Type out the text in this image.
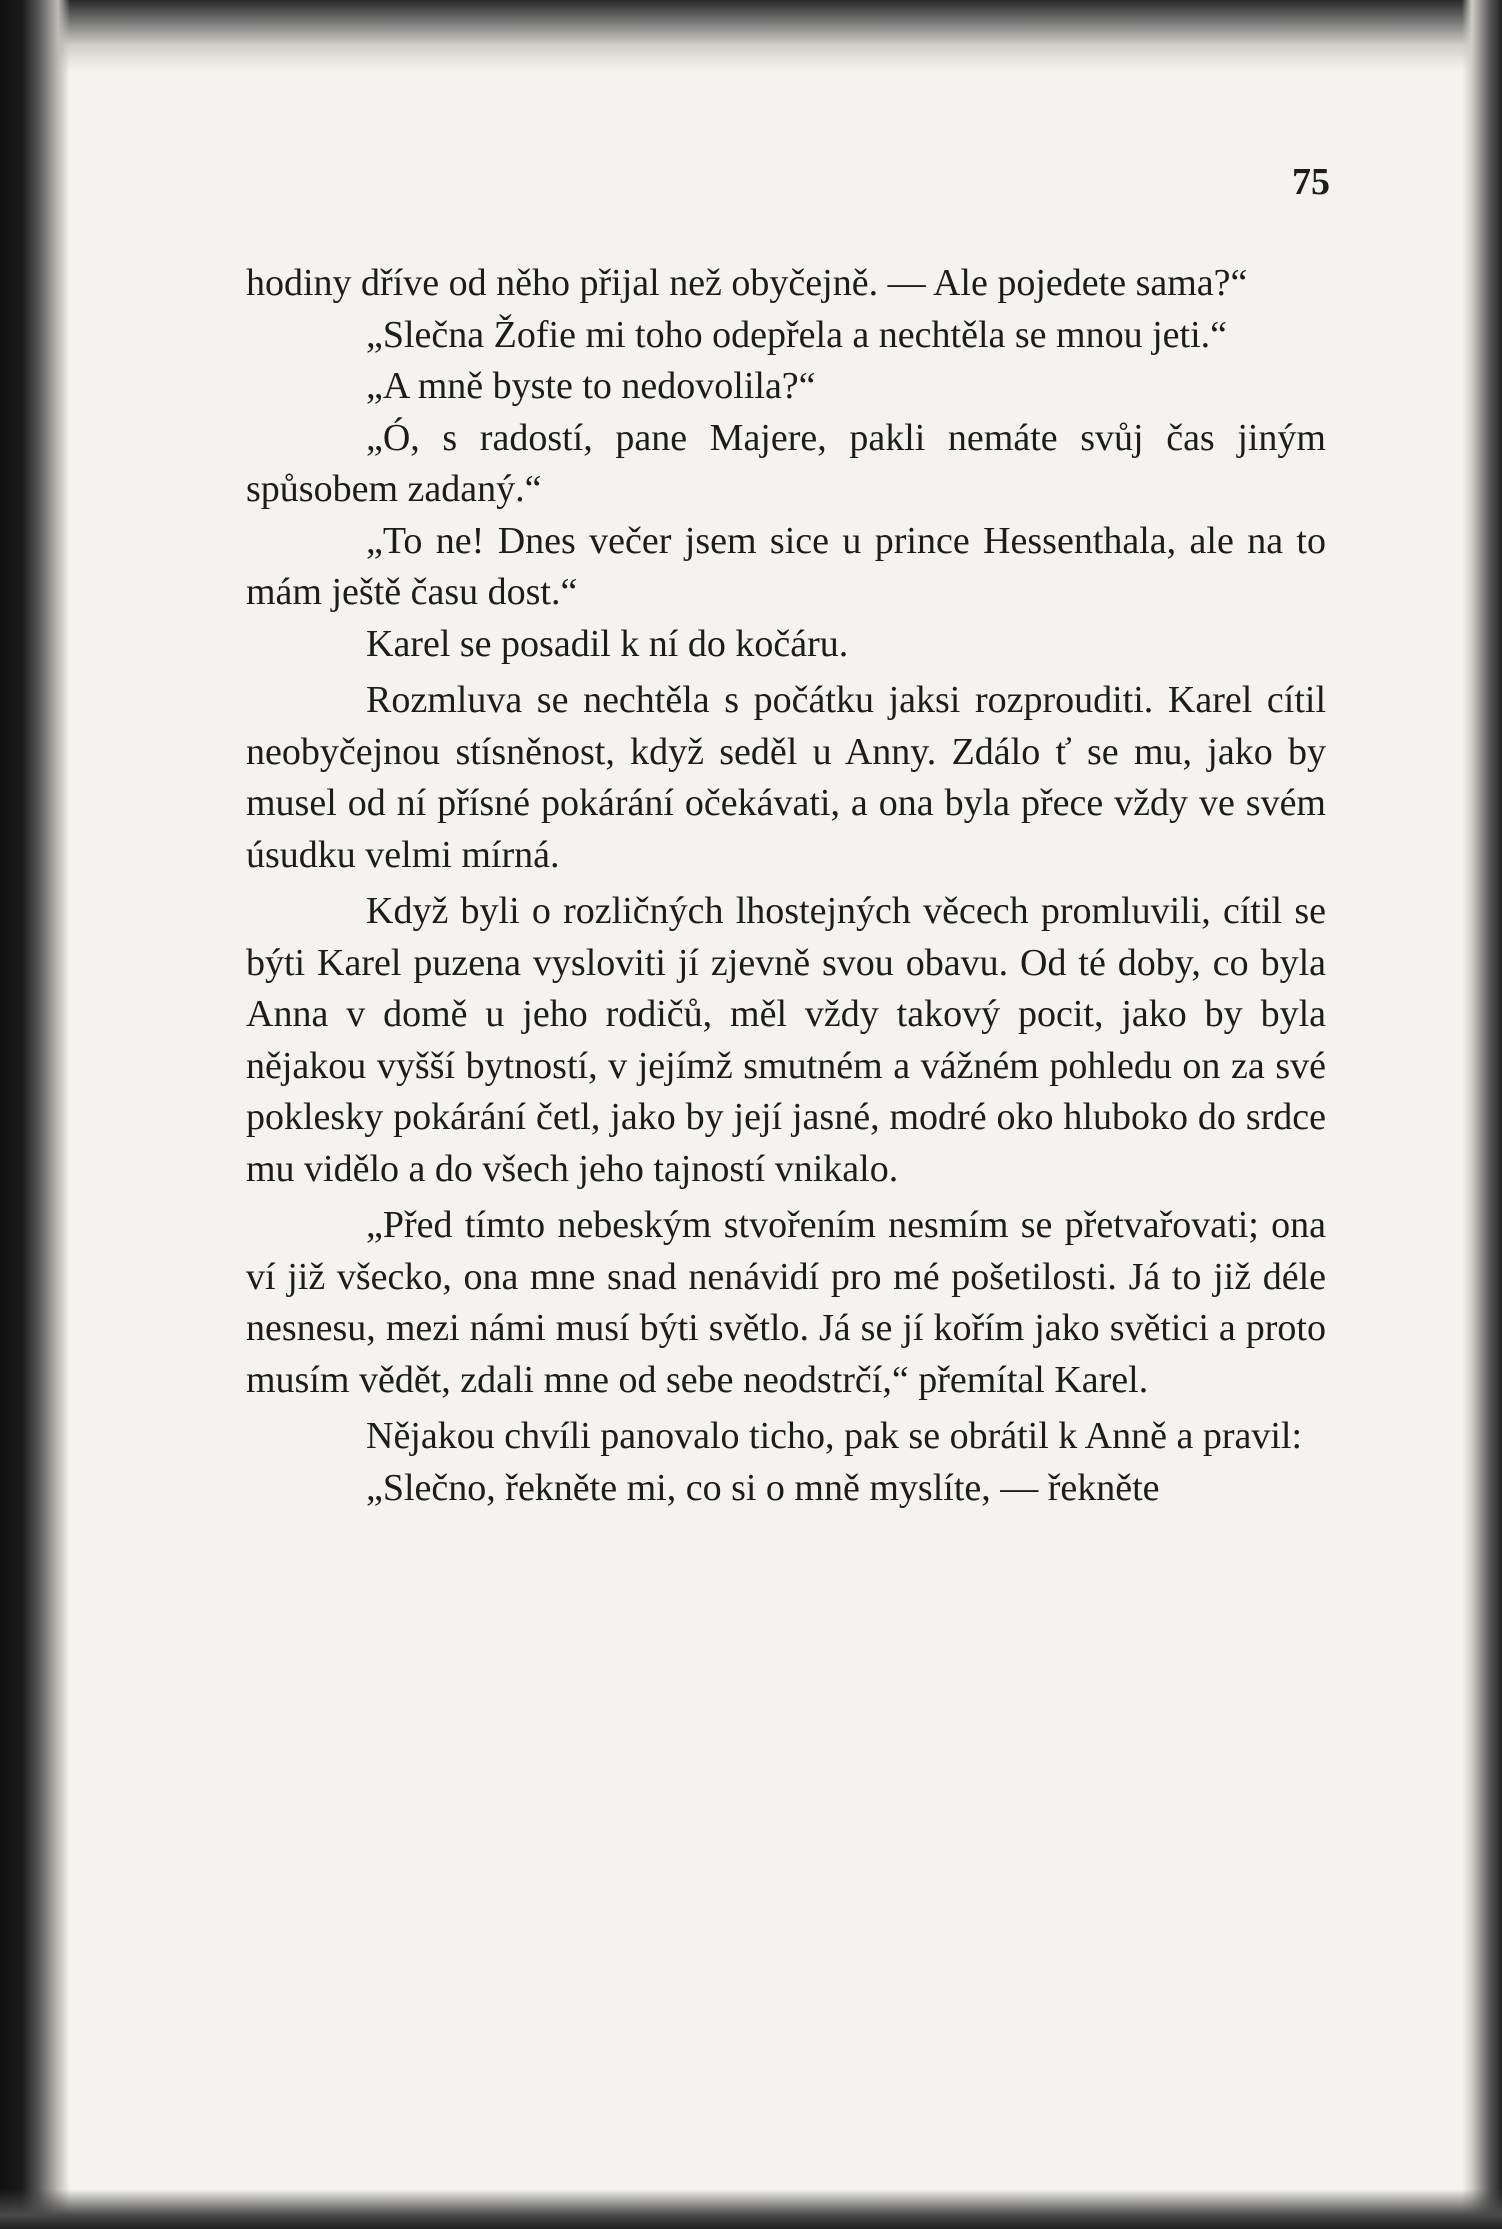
75

hodiny dříve od něho přijal než obyčejně. — Ale pojedete sama?“

„Slečna Žofie mi toho odepřela a nechtěla se mnou jeti.“

„A mně byste to nedovolila?“

„Ó, s radostí, pane Majere, pakli nemáte svůj čas jiným spůsobem zadaný.“

„To ne! Dnes večer jsem sice u prince Hessenthala, ale na to mám ještě času dost.“

Karel se posadil k ní do kočáru.

Rozmluva se nechtěla s počátku jaksi rozprouditi. Karel cítil neobyčejnou stísněnost, když seděl u Anny. Zdálo ť se mu, jako by musel od ní přísné pokárání očekávati, a ona byla přece vždy ve svém úsudku velmi mírná.

Když byli o rozličných lhostejných věcech promluvili, cítil se býti Karel puzena vysloviti jí zjevně svou obavu. Od té doby, co byla Anna v domě u jeho rodičů, měl vždy takový pocit, jako by byla nějakou vyšší bytností, v jejímž smutném a vážném pohledu on za své poklesky pokárání četl, jako by její jasné, modré oko hluboko do srdce mu vidělo a do všech jeho tajností vnikalo.

„Před tímto nebeským stvořením nesmím se přetvařovati; ona ví již všecko, ona mne snad nenávidí pro mé pošetilosti. Já to již déle nesnesu, mezi námi musí býti světlo. Já se jí kořím jako světici a proto musím vědět, zdali mne od sebe neodstrčí,“ přemítal Karel.

Nějakou chvíli panovalo ticho, pak se obrátil k Anně a pravil:

„Slečno, řekněte mi, co si o mně myslíte, — řekněte
